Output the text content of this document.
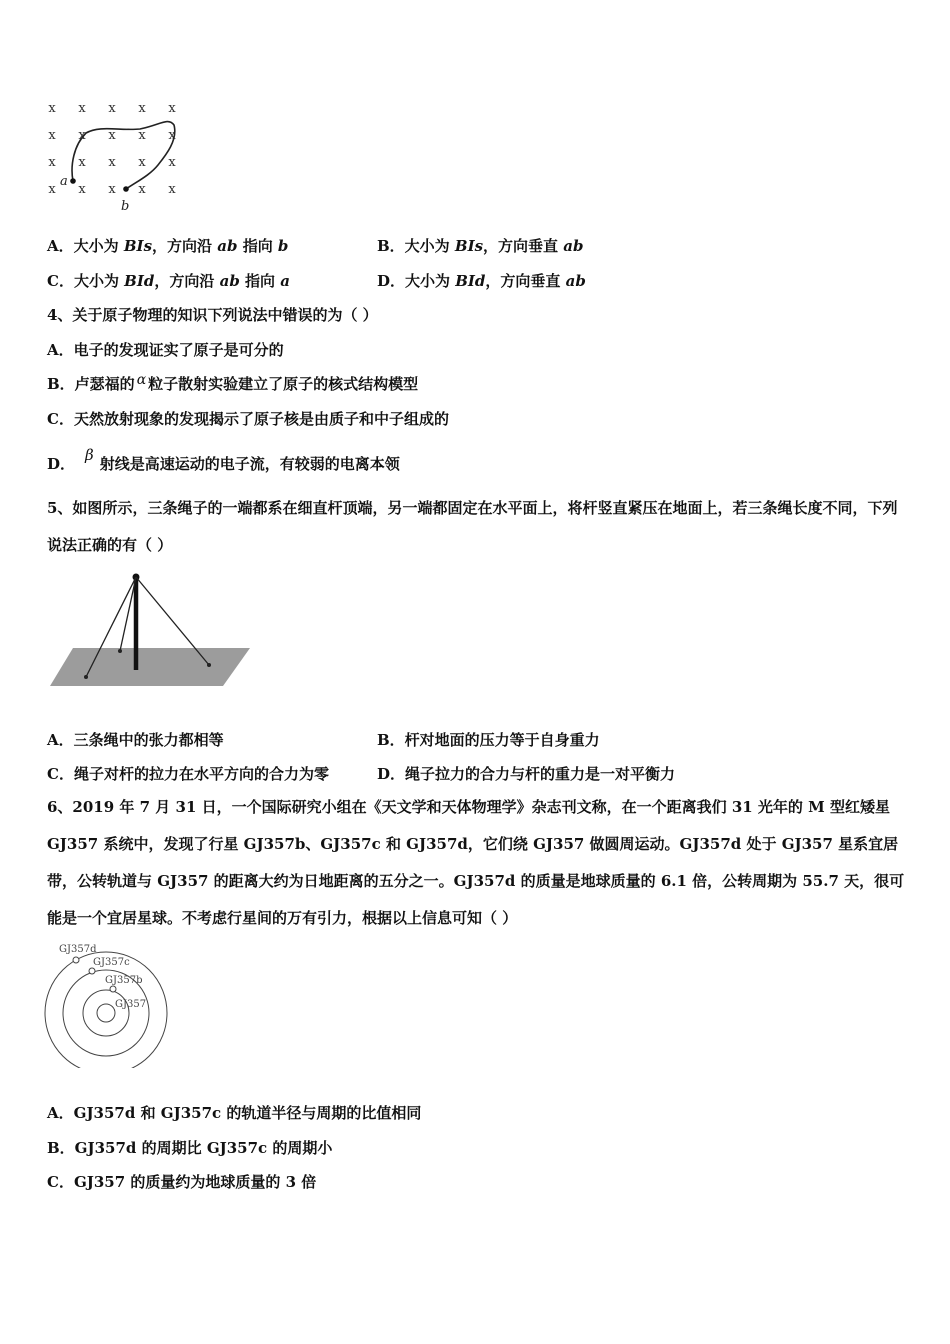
x x x x x
x x x x x
x x x x x
x x x x x
a
b
A．大小为 BIs，方向沿 ab 指向 b	B．大小为 BIs，方向垂直 ab
C．大小为 BId，方向沿 ab 指向 a	D．大小为 BId，方向垂直 ab
4、关于原子物理的知识下列说法中错误的为（ ）
A．电子的发现证实了原子是可分的
B．卢瑟福的 α 粒子散射实验建立了原子的核式结构模型
C．天然放射现象的发现揭示了原子核是由质子和中子组成的
D． β 射线是高速运动的电子流，有较弱的电离本领
5、如图所示，三条绳子的一端都系在细直杆顶端，另一端都固定在水平面上，将杆竖直紧压在地面上，若三条绳长度不同，下列说法正确的有（ ）
A．三条绳中的张力都相等	B．杆对地面的压力等于自身重力
C．绳子对杆的拉力在水平方向的合力为零	D．绳子拉力的合力与杆的重力是一对平衡力
6、2019 年 7 月 31 日，一个国际研究小组在《天文学和天体物理学》杂志刊文称，在一个距离我们 31 光年的 M 型红矮星 GJ357 系统中，发现了行星 GJ357b、GJ357c 和 GJ357d，它们绕 GJ357 做圆周运动。GJ357d 处于 GJ357 星系宜居带，公转轨道与 GJ357 的距离大约为日地距离的五分之一。GJ357d 的质量是地球质量的 6.1 倍，公转周期为 55.7 天，很可能是一个宜居星球。不考虑行星间的万有引力，根据以上信息可知（ ）
GJ357d
GJ357c
GJ357b
GJ357
A．GJ357d 和 GJ357c 的轨道半径与周期的比值相同
B．GJ357d 的周期比 GJ357c 的周期小
C．GJ357 的质量约为地球质量的 3 倍
